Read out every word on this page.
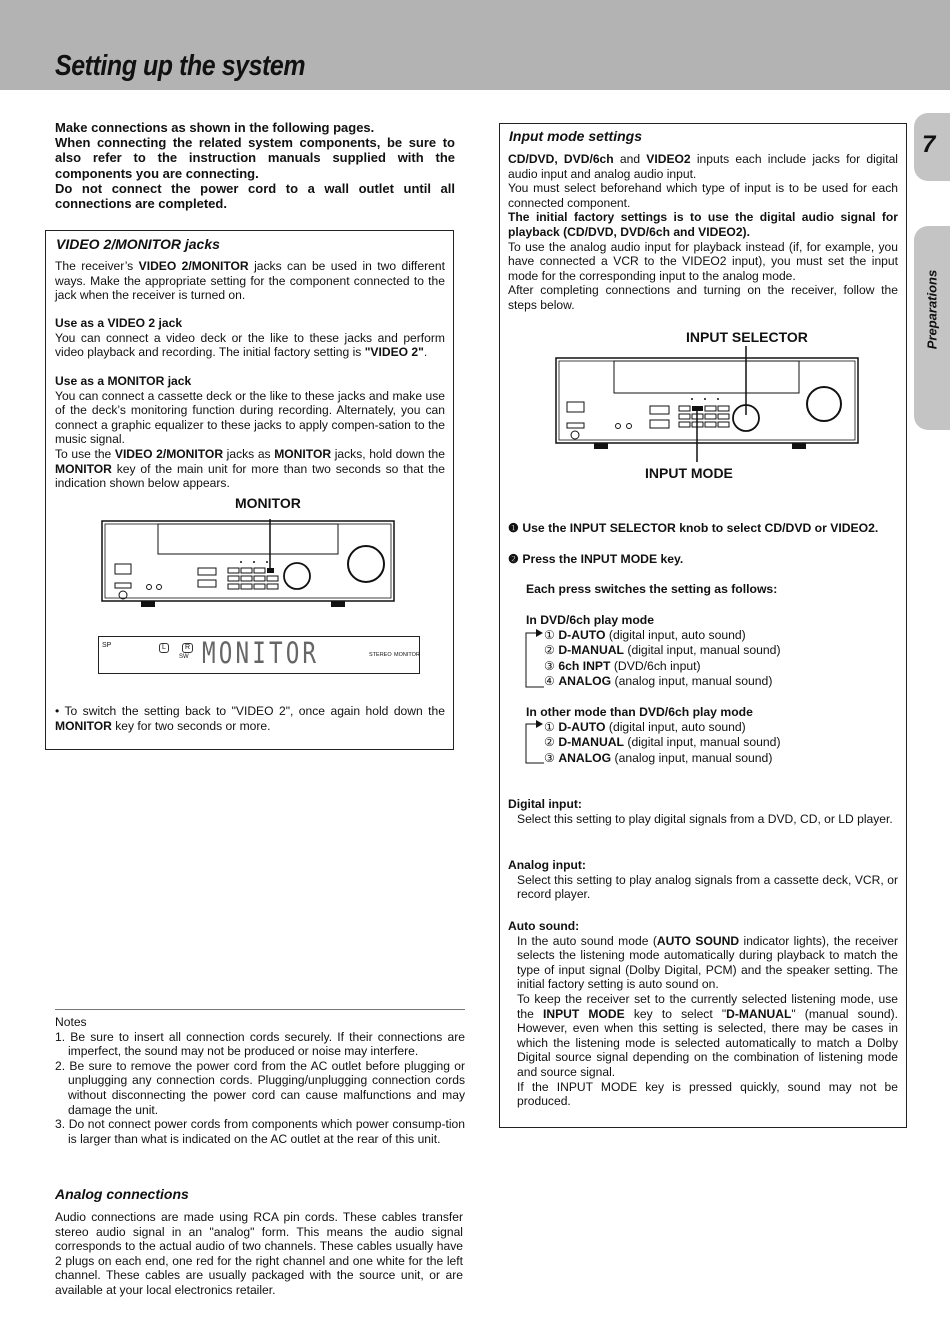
Setting up the system
7
Preparations
Make connections as shown in the following pages.
When connecting the related system components, be sure to also refer to the instruction manuals supplied with the components you are connecting.
Do not connect the power cord to a wall outlet until all connections are completed.
VIDEO 2/MONITOR jacks
The receiver’s VIDEO 2/MONITOR jacks can be used in two different ways. Make the appropriate setting for the component connected to the jack when the receiver is turned on.
Use as a VIDEO 2 jack
You can connect a video deck or the like to these jacks and perform video playback and recording. The initial factory setting is "VIDEO 2".
Use as a MONITOR jack
You can connect a cassette deck or the like to these jacks and make use of the deck’s monitoring function during recording. Alternately, you can connect a graphic equalizer to these jacks to apply compen-sation to the music signal.
To use the VIDEO 2/MONITOR jacks as MONITOR jacks, hold down the MONITOR key of the main unit for more than two seconds so that the indication shown below appears.
MONITOR
SP	L	R
SW MONITOR	STEREO MONITOR
• To switch the setting back to "VIDEO 2", once again hold down the MONITOR key for two seconds or more.
Notes
1. Be sure to insert all connection cords securely. If their connections are imperfect, the sound may not be produced or noise may interfere.
2. Be sure to remove the power cord from the AC outlet before plugging or unplugging any connection cords. Plugging/unplugging connection cords without disconnecting the power cord can cause malfunctions and may damage the unit.
3. Do not connect power cords from components which power consump-tion is larger than what is indicated on the AC outlet at the rear of this unit.
Analog connections
Audio connections are made using RCA pin cords. These cables transfer stereo audio signal in an "analog" form. This means the audio signal corresponds to the actual audio of two channels. These cables usually have 2 plugs on each end, one red for the right channel and one white for the left channel. These cables are usually packaged with the source unit, or are available at your local electronics retailer.
Input mode settings
CD/DVD, DVD/6ch and VIDEO2 inputs each include jacks for digital audio input and analog audio input.
You must select beforehand which type of input is to be used for each connected component.
The initial factory settings is to use the digital audio signal for playback (CD/DVD, DVD/6ch and VIDEO2).
To use the analog audio input for playback instead (if, for example, you have connected a VCR to the VIDEO2 input), you must set the input mode for the corresponding input to the analog mode.
After completing connections and turning on the receiver, follow the steps below.
INPUT SELECTOR
INPUT MODE
❶ Use the INPUT SELECTOR knob to select CD/DVD or VIDEO2.
❷ Press the INPUT MODE key.
Each press switches the setting as follows:
In DVD/6ch play mode
① D-AUTO (digital input, auto sound)
② D-MANUAL (digital input, manual sound)
③ 6ch INPT (DVD/6ch input)
④ ANALOG (analog input, manual sound)
In other mode than DVD/6ch play mode
① D-AUTO (digital input, auto sound)
② D-MANUAL (digital input, manual sound)
③ ANALOG (analog input, manual sound)
Digital input:
Select this setting to play digital signals from a DVD, CD, or LD player.
Analog input:
Select this setting to play analog signals from a cassette deck, VCR, or record player.
Auto sound:
In the auto sound mode (AUTO SOUND indicator lights), the receiver selects the listening mode automatically during playback to match the type of input signal (Dolby Digital, PCM) and the speaker setting. The initial factory setting is auto sound on.
To keep the receiver set to the currently selected listening mode, use the INPUT MODE key to select "D-MANUAL" (manual sound). However, even when this setting is selected, there may be cases in which the listening mode is selected automatically to match a Dolby Digital source signal depending on the combination of listening mode and source signal.
If the INPUT MODE key is pressed quickly, sound may not be produced.
